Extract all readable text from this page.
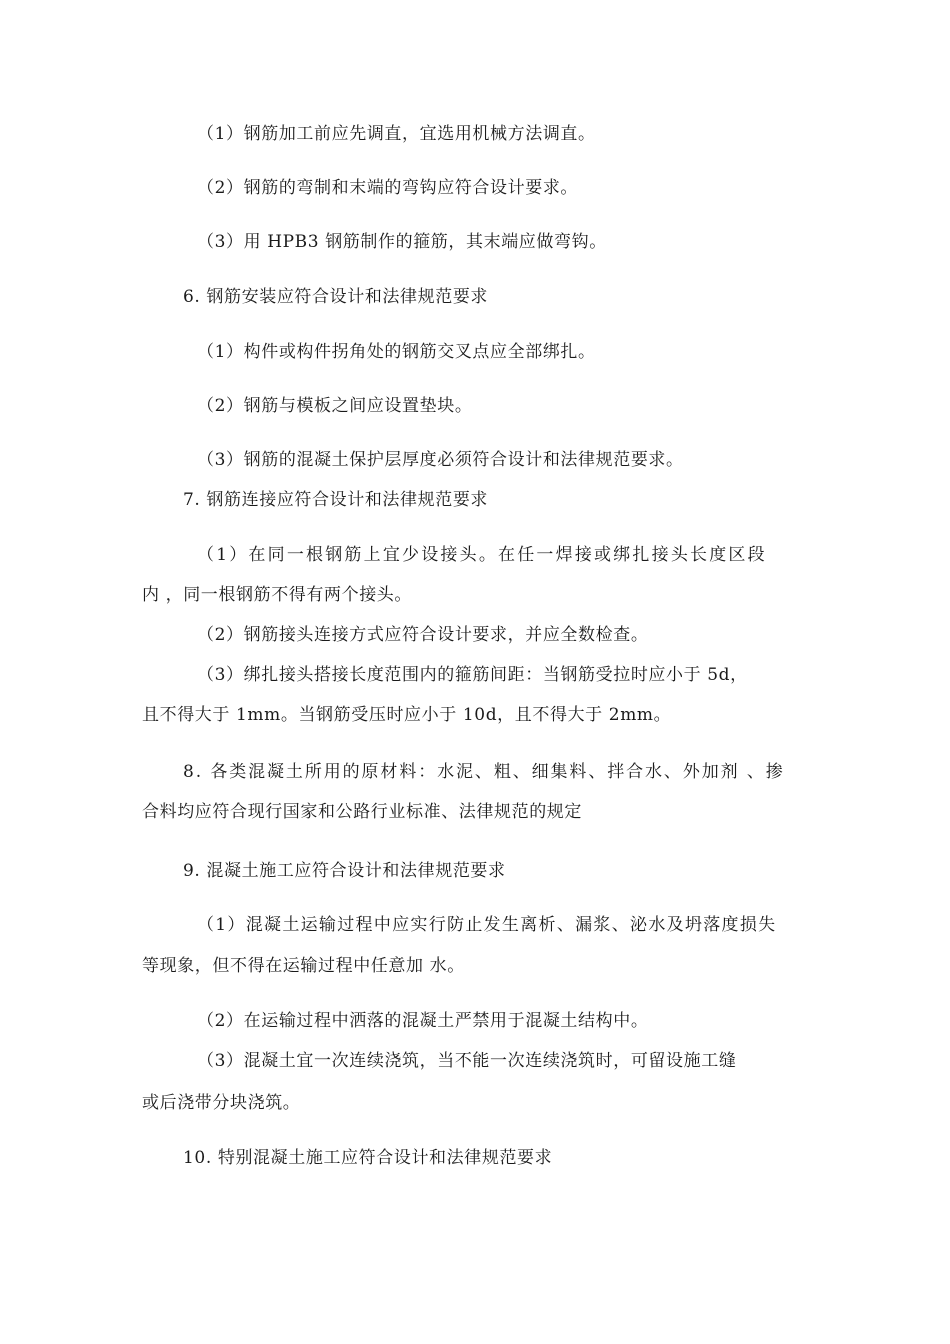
（1）钢筋加工前应先调直，宜选用机械方法调直。

（2）钢筋的弯制和末端的弯钩应符合设计要求。

（3）用 HPB3 钢筋制作的箍筋，其末端应做弯钩。

6. 钢筋安装应符合设计和法律规范要求

（1）构件或构件拐角处的钢筋交叉点应全部绑扎。

（2）钢筋与模板之间应设置垫块。

（3）钢筋的混凝土保护层厚度必须符合设计和法律规范要求。

7. 钢筋连接应符合设计和法律规范要求

（1）在同一根钢筋上宜少设接头。在任一焊接或绑扎接头长度区段

内 ，同一根钢筋不得有两个接头。

（2）钢筋接头连接方式应符合设计要求，并应全数检查。

（3）绑扎接头搭接长度范围内的箍筋间距：当钢筋受拉时应小于 5d，

且不得大于 1mm。当钢筋受压时应小于 10d，且不得大于 2mm。

8. 各类混凝土所用的原材料：水泥、粗、细集料、拌合水、外加剂 、掺

合料均应符合现行国家和公路行业标准、法律规范的规定

9. 混凝土施工应符合设计和法律规范要求

（1）混凝土运输过程中应实行防止发生离析、漏浆、泌水及坍落度损失

等现象，但不得在运输过程中任意加 水。

（2）在运输过程中洒落的混凝土严禁用于混凝土结构中。

（3）混凝土宜一次连续浇筑，当不能一次连续浇筑时，可留设施工缝

或后浇带分块浇筑。

10. 特别混凝土施工应符合设计和法律规范要求
